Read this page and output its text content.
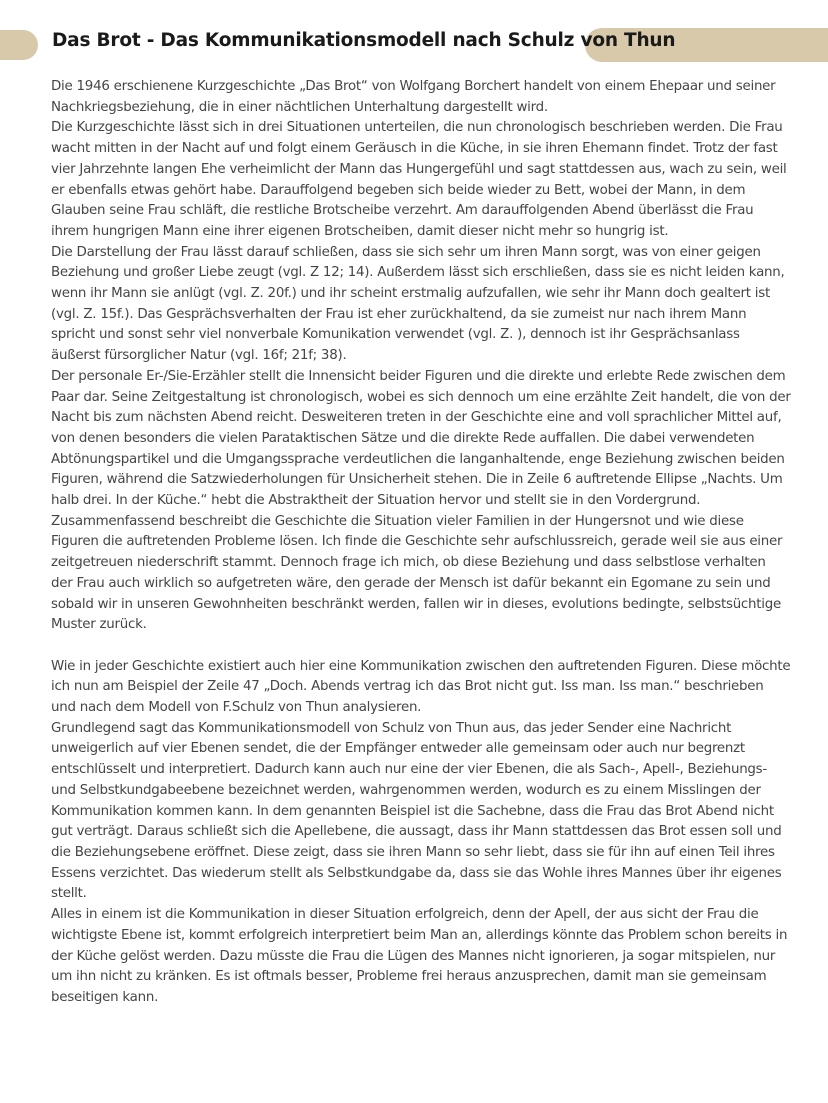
Das Brot - Das Kommunikationsmodell nach Schulz von Thun

Die 1946 erschienene Kurzgeschichte „Das Brot“ von Wolfgang Borchert handelt von einem Ehepaar und seiner Nachkriegsbeziehung, die in einer nächtlichen Unterhaltung dargestellt wird.

Die Kurzgeschichte lässt sich in drei Situationen unterteilen, die nun chronologisch beschrieben werden. Die Frau wacht mitten in der Nacht auf und folgt einem Geräusch in die Küche, in sie ihren Ehemann findet. Trotz der fast vier Jahrzehnte langen Ehe verheimlicht der Mann das Hungergefühl und sagt stattdessen aus, wach zu sein, weil er ebenfalls etwas gehört habe. Darauffolgend begeben sich beide wieder zu Bett, wobei der Mann, in dem Glauben seine Frau schläft, die restliche Brotscheibe verzehrt. Am darauffolgenden Abend überlässt die Frau ihrem hungrigen Mann eine ihrer eigenen Brotscheiben, damit dieser nicht mehr so hungrig ist.

Die Darstellung der Frau lässt darauf schließen, dass sie sich sehr um ihren Mann sorgt, was von einer geigen Beziehung und großer Liebe zeugt (vgl. Z 12; 14). Außerdem lässt sich erschließen, dass sie es nicht leiden kann, wenn ihr Mann sie anlügt (vgl. Z. 20f.) und ihr scheint erstmalig aufzufallen, wie sehr ihr Mann doch gealtert ist (vgl. Z. 15f.). Das Gesprächsverhalten der Frau ist eher zurückhaltend, da sie zumeist nur nach ihrem Mann spricht und sonst sehr viel nonverbale Komunikation verwendet (vgl. Z. ), dennoch ist ihr Gesprächsanlass äußerst fürsorglicher Natur (vgl. 16f; 21f; 38).

Der personale Er-/Sie-Erzähler stellt die Innensicht beider Figuren und die direkte und erlebte Rede zwischen dem Paar dar. Seine Zeitgestaltung ist chronologisch, wobei es sich dennoch um eine erzählte Zeit handelt, die von der Nacht bis zum nächsten Abend reicht. Desweiteren treten in der Geschichte eine and voll sprachlicher Mittel auf, von denen besonders die vielen Parataktischen Sätze und die direkte Rede auffallen. Die dabei verwendeten Abtönungspartikel und die Umgangssprache verdeutlichen die langanhaltende, enge Beziehung zwischen beiden Figuren, während die Satzwiederholungen für Unsicherheit stehen. Die in Zeile 6 auftretende Ellipse „Nachts. Um halb drei. In der Küche.“ hebt die Abstraktheit der Situation hervor und stellt sie in den Vordergrund.

Zusammenfassend beschreibt die Geschichte die Situation vieler Familien in der Hungersnot und wie diese Figuren die auftretenden Probleme lösen. Ich finde die Geschichte sehr aufschlussreich, gerade weil sie aus einer zeitgetreuen niederschrift stammt. Dennoch frage ich mich, ob diese Beziehung und dass selbstlose verhalten der Frau auch wirklich so aufgetreten wäre, den gerade der Mensch ist dafür bekannt ein Egomane zu sein und sobald wir in unseren Gewohnheiten beschränkt werden, fallen wir in dieses, evolutions bedingte, selbstsüchtige Muster zurück.

Wie in jeder Geschichte existiert auch hier eine Kommunikation zwischen den auftretenden Figuren. Diese möchte ich nun am Beispiel der Zeile 47 „Doch. Abends vertrag ich das Brot nicht gut. Iss man. Iss man.“ beschrieben und nach dem Modell von F.Schulz von Thun analysieren.

Grundlegend sagt das Kommunikationsmodell von Schulz von Thun aus, das jeder Sender eine Nachricht unweigerlich auf vier Ebenen sendet, die der Empfänger entweder alle gemeinsam oder auch nur begrenzt entschlüsselt und interpretiert. Dadurch kann auch nur eine der vier Ebenen, die als Sach-, Apell-, Beziehungs- und Selbstkundgabeebene bezeichnet werden, wahrgenommen werden, wodurch es zu einem Misslingen der Kommunikation kommen kann. In dem genannten Beispiel ist die Sachebne, dass die Frau das Brot Abend nicht gut verträgt. Daraus schließt sich die Apellebene, die aussagt, dass ihr Mann stattdessen das Brot essen soll und die Beziehungsebene eröffnet. Diese zeigt, dass sie ihren Mann so sehr liebt, dass sie für ihn auf einen Teil ihres Essens verzichtet. Das wiederum stellt als Selbstkundgabe da, dass sie das Wohle ihres Mannes über ihr eigenes stellt.

Alles in einem ist die Kommunikation in dieser Situation erfolgreich, denn der Apell, der aus sicht der Frau die wichtigste Ebene ist, kommt erfolgreich interpretiert beim Man an, allerdings könnte das Problem schon bereits in der Küche gelöst werden. Dazu müsste die Frau die Lügen des Mannes nicht ignorieren, ja sogar mitspielen, nur um ihn nicht zu kränken. Es ist oftmals besser, Probleme frei heraus anzusprechen, damit man sie gemeinsam beseitigen kann.
